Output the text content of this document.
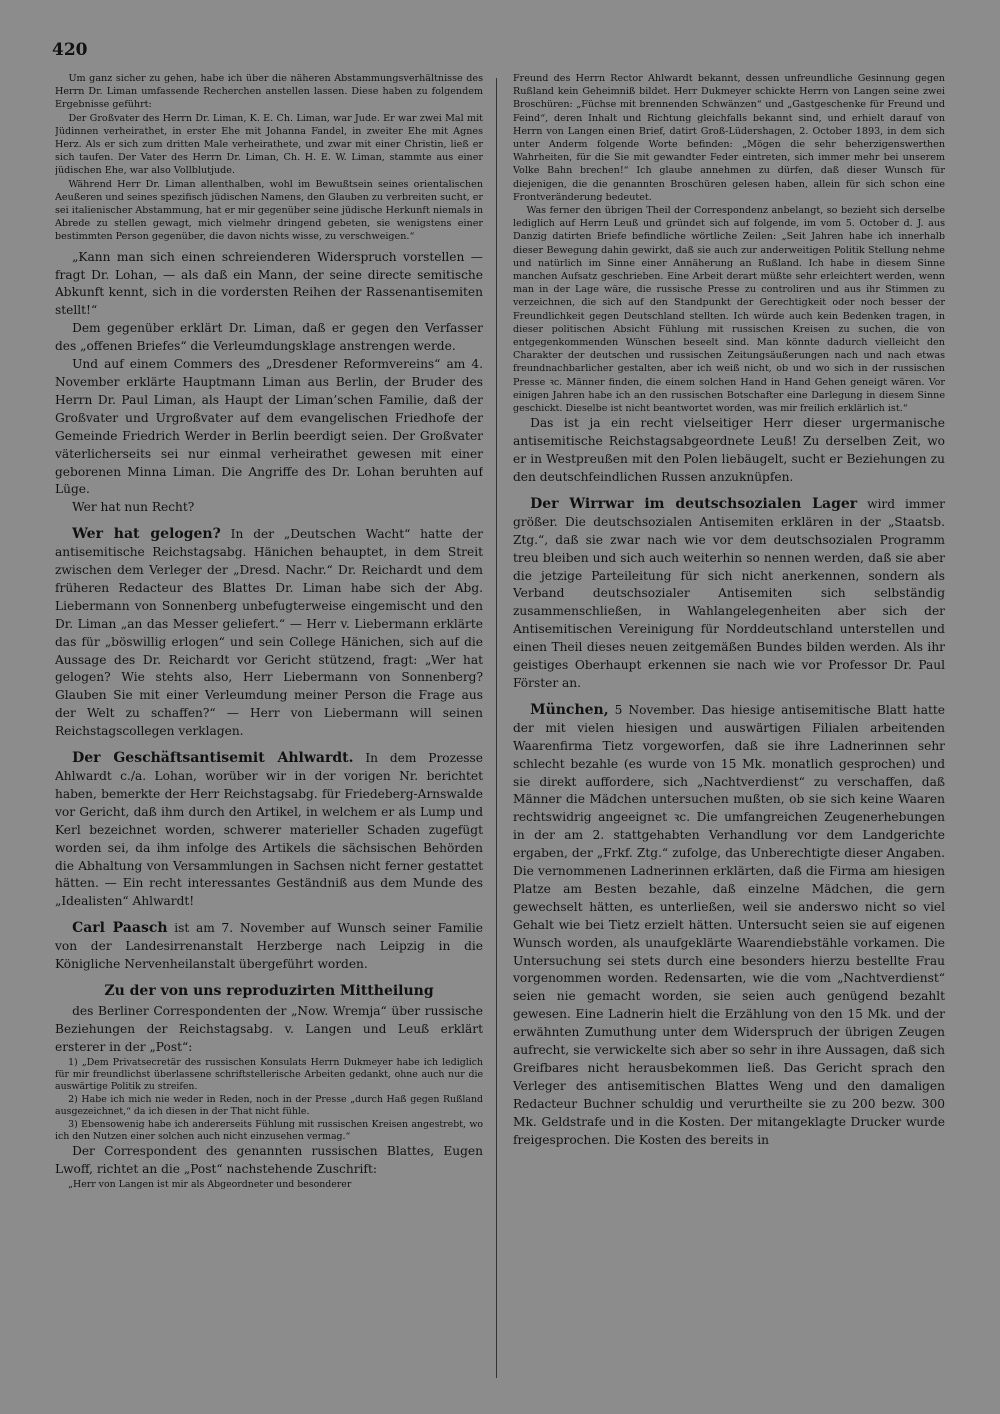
420

Um ganz sicher zu gehen, habe ich über die näheren Abstammungsverhältnisse des Herrn Dr. Liman umfassende Recherchen anstellen lassen. Diese haben zu folgendem Ergebnisse geführt:

Der Großvater des Herrn Dr. Liman, K. E. Ch. Liman, war Jude. Er war zwei Mal mit Jüdinnen verheirathet, in erster Ehe mit Johanna Fandel, in zweiter Ehe mit Agnes Herz. Als er sich zum dritten Male verheirathete, und zwar mit einer Christin, ließ er sich taufen. Der Vater des Herrn Dr. Liman, Ch. H. E. W. Liman, stammte aus einer jüdischen Ehe, war also Vollblutjude.

Während Herr Dr. Liman allenthalben, wohl im Bewußtsein seines orientalischen Aeußeren und seines spezifisch jüdischen Namens, den Glauben zu verbreiten sucht, er sei italienischer Abstammung, hat er mir gegenüber seine jüdische Herkunft niemals in Abrede zu stellen gewagt, mich vielmehr dringend gebeten, sie wenigstens einer bestimmten Person gegenüber, die davon nichts wisse, zu verschweigen.“

„Kann man sich einen schreienderen Widerspruch vorstellen — fragt Dr. Lohan, — als daß ein Mann, der seine directe semitische Abkunft kennt, sich in die vordersten Reihen der Rassenantisemiten stellt!“

Dem gegenüber erklärt Dr. Liman, daß er gegen den Verfasser des „offenen Briefes“ die Verleumdungsklage anstrengen werde.

Und auf einem Commers des „Dresdener Reformvereins“ am 4. November erklärte Hauptmann Liman aus Berlin, der Bruder des Herrn Dr. Paul Liman, als Haupt der Liman’schen Familie, daß der Großvater und Urgroßvater auf dem evangelischen Friedhofe der Gemeinde Friedrich Werder in Berlin beerdigt seien. Der Großvater väterlicherseits sei nur einmal verheirathet gewesen mit einer geborenen Minna Liman. Die Angriffe des Dr. Lohan beruhten auf Lüge.

Wer hat nun Recht?

Wer hat gelogen? In der „Deutschen Wacht“ hatte der antisemitische Reichstagsabg. Hänichen behauptet, in dem Streit zwischen dem Verleger der „Dresd. Nachr.“ Dr. Reichardt und dem früheren Redacteur des Blattes Dr. Liman habe sich der Abg. Liebermann von Sonnenberg unbefugterweise eingemischt und den Dr. Liman „an das Messer geliefert.“ — Herr v. Liebermann erklärte das für „böswillig erlogen“ und sein College Hänichen, sich auf die Aussage des Dr. Reichardt vor Gericht stützend, fragt: „Wer hat gelogen? Wie stehts also, Herr Liebermann von Sonnenberg? Glauben Sie mit einer Verleumdung meiner Person die Frage aus der Welt zu schaffen?“ — Herr von Liebermann will seinen Reichstagscollegen verklagen.

Der Geschäftsantisemit Ahlwardt. In dem Prozesse Ahlwardt c./a. Lohan, worüber wir in der vorigen Nr. berichtet haben, bemerkte der Herr Reichstagsabg. für Friedeberg-Arnswalde vor Gericht, daß ihm durch den Artikel, in welchem er als Lump und Kerl bezeichnet worden, schwerer materieller Schaden zugefügt worden sei, da ihm infolge des Artikels die sächsischen Behörden die Abhaltung von Versammlungen in Sachsen nicht ferner gestattet hätten. — Ein recht interessantes Geständniß aus dem Munde des „Idealisten“ Ahlwardt!

Carl Paasch ist am 7. November auf Wunsch seiner Familie von der Landesirrenanstalt Herzberge nach Leipzig in die Königliche Nervenheilanstalt übergeführt worden.

Zu der von uns reproduzirten Mittheilung

des Berliner Correspondenten der „Now. Wremja“ über russische Beziehungen der Reichstagsabg. v. Langen und Leuß erklärt ersterer in der „Post“:

1) „Dem Privatsecretär des russischen Konsulats Herrn Dukmeyer habe ich lediglich für mir freundlichst überlassene schriftstellerische Arbeiten gedankt, ohne auch nur die auswärtige Politik zu streifen.

2) Habe ich mich nie weder in Reden, noch in der Presse „durch Haß gegen Rußland ausgezeichnet,“ da ich diesen in der That nicht fühle.

3) Ebensowenig habe ich andererseits Fühlung mit russischen Kreisen angestrebt, wo ich den Nutzen einer solchen auch nicht einzusehen vermag.“

Der Correspondent des genannten russischen Blattes, Eugen Lwoff, richtet an die „Post“ nachstehende Zuschrift:

„Herr von Langen ist mir als Abgeordneter und besonderer

Freund des Herrn Rector Ahlwardt bekannt, dessen unfreundliche Gesinnung gegen Rußland kein Geheimniß bildet. Herr Dukmeyer schickte Herrn von Langen seine zwei Broschüren: „Füchse mit brennenden Schwänzen“ und „Gastgeschenke für Freund und Feind“, deren Inhalt und Richtung gleichfalls bekannt sind, und erhielt darauf von Herrn von Langen einen Brief, datirt Groß-Lüdershagen, 2. October 1893, in dem sich unter Anderm folgende Worte befinden: „Mögen die sehr beherzigenswerthen Wahrheiten, für die Sie mit gewandter Feder eintreten, sich immer mehr bei unserem Volke Bahn brechen!“ Ich glaube annehmen zu dürfen, daß dieser Wunsch für diejenigen, die die genannten Broschüren gelesen haben, allein für sich schon eine Frontveränderung bedeutet.

Was ferner den übrigen Theil der Correspondenz anbelangt, so bezieht sich derselbe lediglich auf Herrn Leuß und gründet sich auf folgende, im vom 5. October d. J. aus Danzig datirten Briefe befindliche wörtliche Zeilen: „Seit Jahren habe ich innerhalb dieser Bewegung dahin gewirkt, daß sie auch zur anderweitigen Politik Stellung nehme und natürlich im Sinne einer Annäherung an Rußland. Ich habe in diesem Sinne manchen Aufsatz geschrieben. Eine Arbeit derart müßte sehr erleichtert werden, wenn man in der Lage wäre, die russische Presse zu controliren und aus ihr Stimmen zu verzeichnen, die sich auf den Standpunkt der Gerechtigkeit oder noch besser der Freundlichkeit gegen Deutschland stellten. Ich würde auch kein Bedenken tragen, in dieser politischen Absicht Fühlung mit russischen Kreisen zu suchen, die von entgegenkommenden Wünschen beseelt sind. Man könnte dadurch vielleicht den Charakter der deutschen und russischen Zeitungsäußerungen nach und nach etwas freundnachbarlicher gestalten, aber ich weiß nicht, ob und wo sich in der russischen Presse ꝛc. Männer finden, die einem solchen Hand in Hand Gehen geneigt wären. Vor einigen Jahren habe ich an den russischen Botschafter eine Darlegung in diesem Sinne geschickt. Dieselbe ist nicht beantwortet worden, was mir freilich erklärlich ist.“

Das ist ja ein recht vielseitiger Herr dieser urgermanische antisemitische Reichstagsabgeordnete Leuß! Zu derselben Zeit, wo er in Westpreußen mit den Polen liebäugelt, sucht er Beziehungen zu den deutschfeindlichen Russen anzuknüpfen.

Der Wirrwar im deutschsozialen Lager wird immer größer. Die deutschsozialen Antisemiten erklären in der „Staatsb. Ztg.“, daß sie zwar nach wie vor dem deutschsozialen Programm treu bleiben und sich auch weiterhin so nennen werden, daß sie aber die jetzige Parteileitung für sich nicht anerkennen, sondern als Verband deutschsozialer Antisemiten sich selbständig zusammenschließen, in Wahlangelegenheiten aber sich der Antisemitischen Vereinigung für Norddeutschland unterstellen und einen Theil dieses neuen zeitgemäßen Bundes bilden werden. Als ihr geistiges Oberhaupt erkennen sie nach wie vor Professor Dr. Paul Förster an.

München, 5 November. Das hiesige antisemitische Blatt hatte der mit vielen hiesigen und auswärtigen Filialen arbeitenden Waarenfirma Tietz vorgeworfen, daß sie ihre Ladnerinnen sehr schlecht bezahle (es wurde von 15 Mk. monatlich gesprochen) und sie direkt auffordere, sich „Nachtverdienst“ zu verschaffen, daß Männer die Mädchen untersuchen mußten, ob sie sich keine Waaren rechtswidrig angeeignet ꝛc. Die umfangreichen Zeugenerhebungen in der am 2. stattgehabten Verhandlung vor dem Landgerichte ergaben, der „Frkf. Ztg.“ zufolge, das Unberechtigte dieser Angaben. Die vernommenen Ladnerinnen erklärten, daß die Firma am hiesigen Platze am Besten bezahle, daß einzelne Mädchen, die gern gewechselt hätten, es unterließen, weil sie anderswo nicht so viel Gehalt wie bei Tietz erzielt hätten. Untersucht seien sie auf eigenen Wunsch worden, als unaufgeklärte Waarendiebstähle vorkamen. Die Untersuchung sei stets durch eine besonders hierzu bestellte Frau vorgenommen worden. Redensarten, wie die vom „Nachtverdienst“ seien nie gemacht worden, sie seien auch genügend bezahlt gewesen. Eine Ladnerin hielt die Erzählung von den 15 Mk. und der erwähnten Zumuthung unter dem Widerspruch der übrigen Zeugen aufrecht, sie verwickelte sich aber so sehr in ihre Aussagen, daß sich Greifbares nicht herausbekommen ließ. Das Gericht sprach den Verleger des antisemitischen Blattes Weng und den damaligen Redacteur Buchner schuldig und verurtheilte sie zu 200 bezw. 300 Mk. Geldstrafe und in die Kosten. Der mitangeklagte Drucker wurde freigesprochen. Die Kosten des bereits in
